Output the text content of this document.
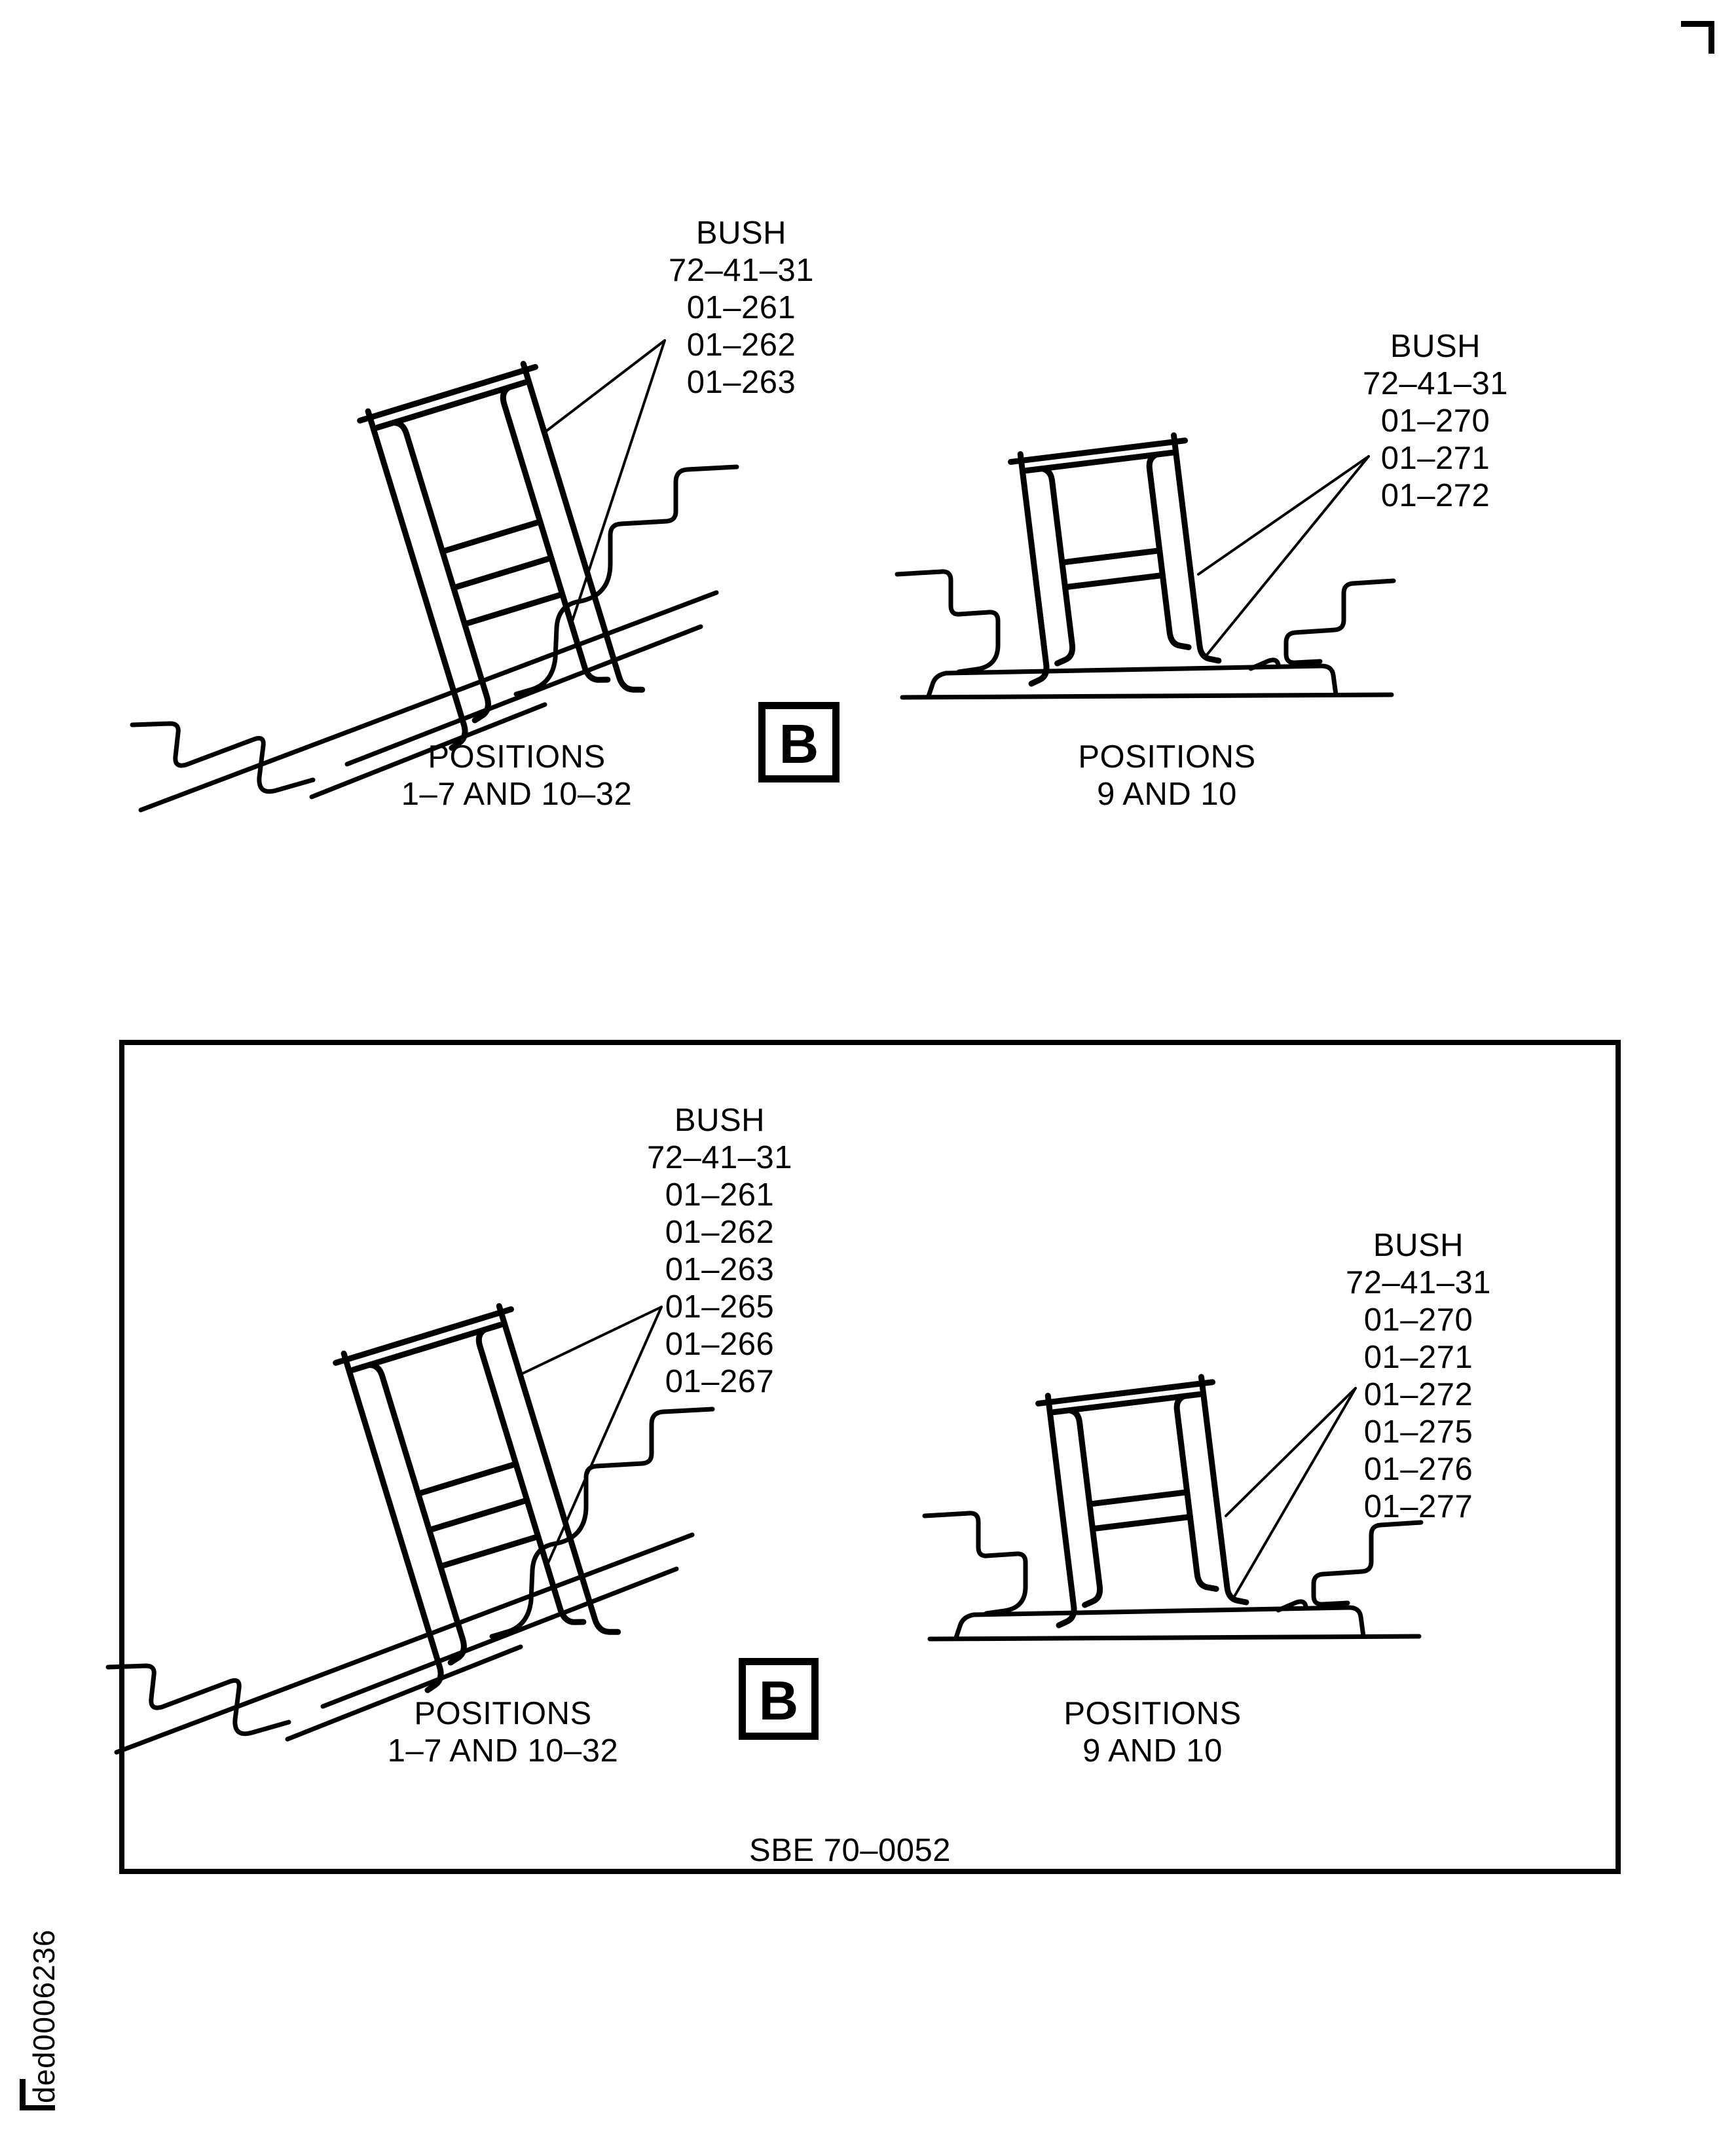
BUSH
72–41–31
01–261
01–262
01–263
BUSH
72–41–31
01–270
01–271
01–272
POSITIONS
1–7 AND 10–32
B	POSITIONS
9 AND 10
BUSH
72–41–31
01–261
01–262
01–263
01–265
01–266
01–267
BUSH
72–41–31
01–270
01–271
01–272
01–275
01–276
01–277
POSITIONS
1–7 AND 10–32
B	POSITIONS
9 AND 10
SBE 70–0052
ded0006236
